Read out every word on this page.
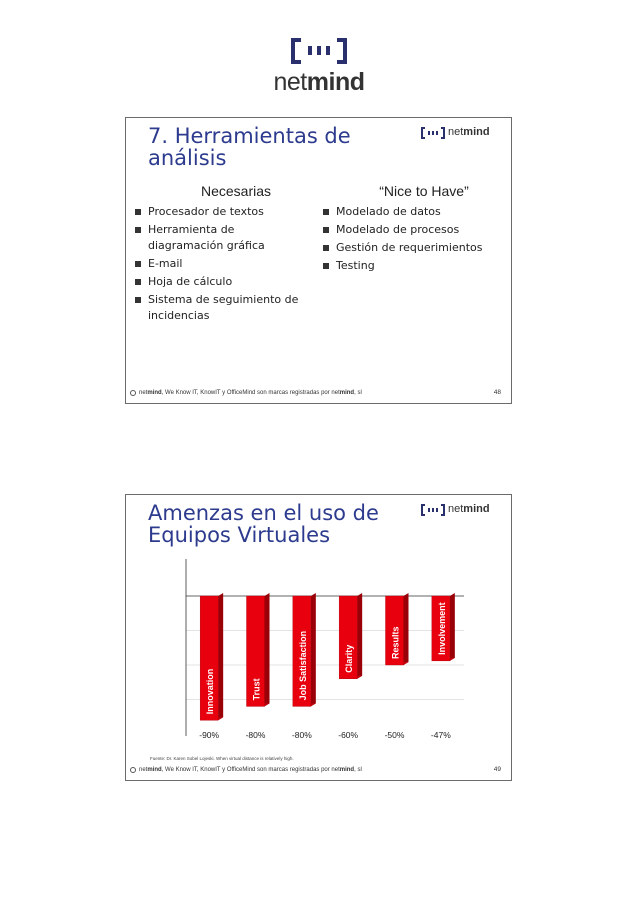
netmind
7. Herramientas de
análisis
netmind
Necesarias	“Nice to Have”
Procesador de textos
Herramienta de diagramación gráfica
E-mail
Hoja de cálculo
Sistema de seguimiento de incidencias
Modelado de datos
Modelado de procesos
Gestión de requerimientos
Testing
net mind , We Know IT, KnowIT y OfficeMind son marcas registradas por net mind , sl	48
Amenzas en el uso de
Equipos Virtuales
netmind
Innovation
-90%
Trust
-80%
Job Satisfaction
-80%
Clarity
-60%
Results
-50%
Involvement
-47%
Fuente: Dr. Karen Sobel Lojeski. When virtual distance is relatively high.
net mind , We Know IT, KnowIT y OfficeMind son marcas registradas por net mind , sl	49
